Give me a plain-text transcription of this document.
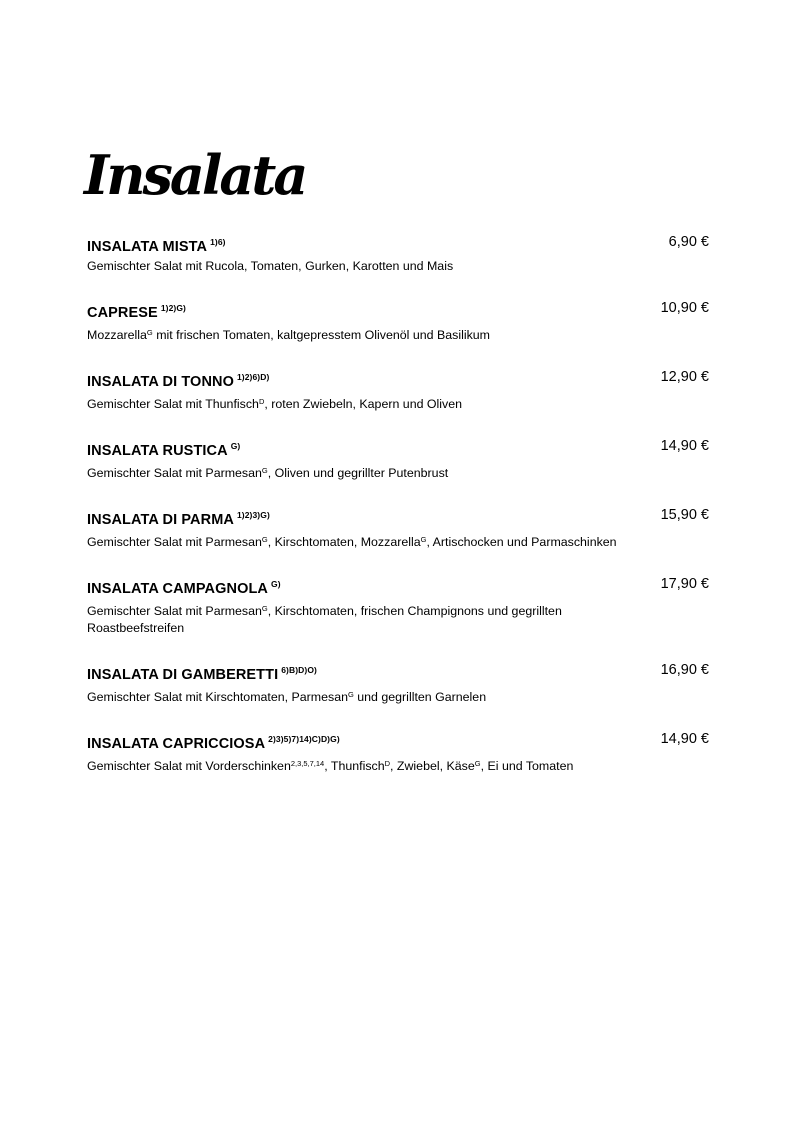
Insalata
INSALATA MISTA $^{1)6)}$	6,90 €
Gemischter Salat mit Rucola, Tomaten, Gurken, Karotten und Mais
CAPRESE $^{1)2)G)}$	10,90 €
Mozzarella$^G$ mit frischen Tomaten, kaltgepresstem Olivenöl und Basilikum
INSALATA DI TONNO $^{1)2)6)D)}$	12,90 €
Gemischter Salat mit Thunfisch$^D$, roten Zwiebeln, Kapern und Oliven
INSALATA RUSTICA $^{G)}$	14,90 €
Gemischter Salat mit Parmesan$^G$, Oliven und gegrillter Putenbrust
INSALATA DI PARMA $^{1)2)3)G)}$	15,90 €
Gemischter Salat mit Parmesan$^G$, Kirschtomaten, Mozzarella$^G$, Artischocken und Parmaschinken
INSALATA CAMPAGNOLA $^{G)}$	17,90 €
Gemischter Salat mit Parmesan$^G$, Kirschtomaten, frischen Champignons und gegrillten Roastbeefstreifen
INSALATA DI GAMBERETTI $^{6)B)D)O)}$	16,90 €
Gemischter Salat mit Kirschtomaten, Parmesan$^G$ und gegrillten Garnelen
INSALATA CAPRICCIOSA $^{2)3)5)7)14)C)D)G)}$	14,90 €
Gemischter Salat mit Vorderschinken$^{2,3,5,7,14}$, Thunfisch$^D$, Zwiebel, Käse$^G$, Ei und Tomaten
